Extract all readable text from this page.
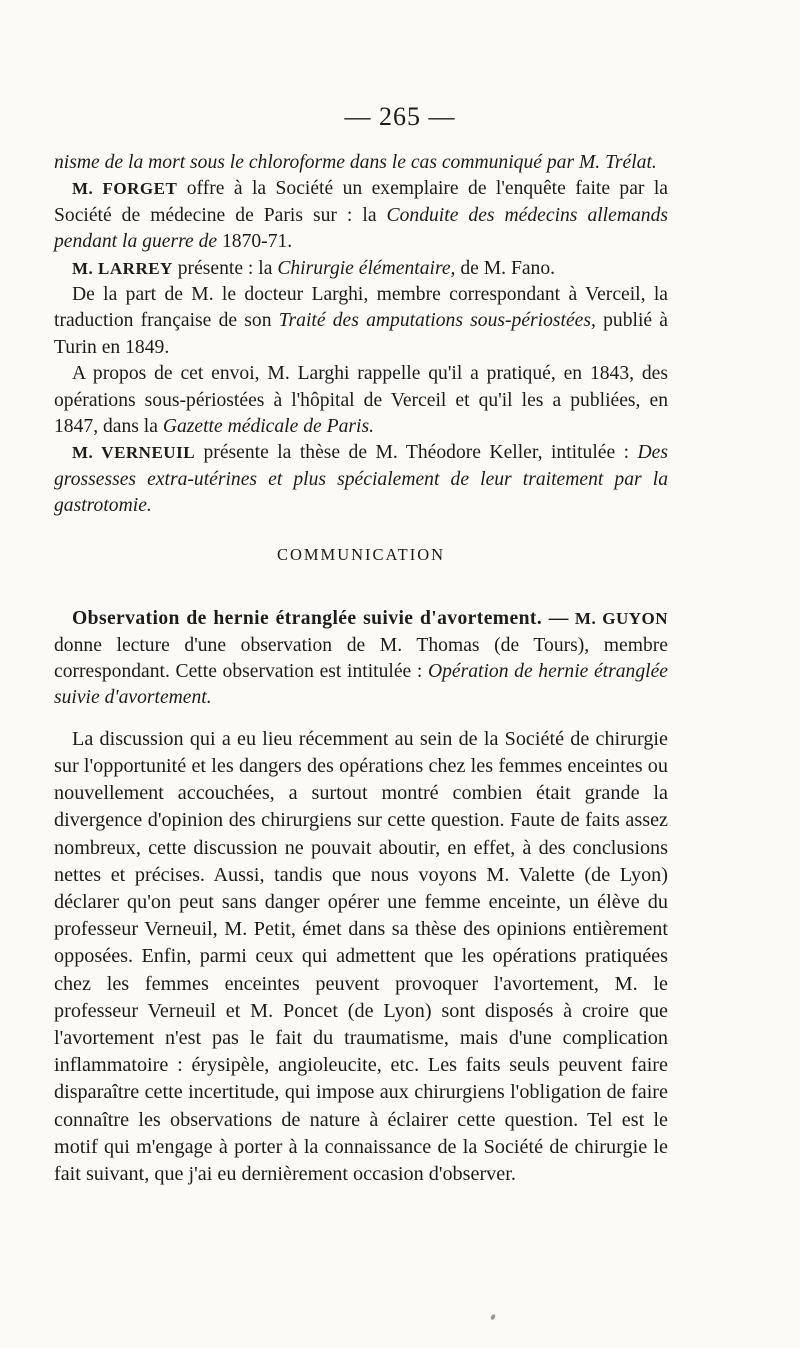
— 265 —

nisme de la mort sous le chloroforme dans le cas communiqué par M. Trélat.

M. FORGET offre à la Société un exemplaire de l'enquête faite par la Société de médecine de Paris sur : la Conduite des médecins allemands pendant la guerre de 1870-71.

M. LARREY présente : la Chirurgie élémentaire, de M. Fano.

De la part de M. le docteur Larghi, membre correspondant à Verceil, la traduction française de son Traité des amputations sous-périostées, publié à Turin en 1849.

A propos de cet envoi, M. Larghi rappelle qu'il a pratiqué, en 1843, des opérations sous-périostées à l'hôpital de Verceil et qu'il les a publiées, en 1847, dans la Gazette médicale de Paris.

M. VERNEUIL présente la thèse de M. Théodore Keller, intitulée : Des grossesses extra-utérines et plus spécialement de leur traitement par la gastrotomie.

COMMUNICATION

Observation de hernie étranglée suivie d'avortement. — M. GUYON donne lecture d'une observation de M. Thomas (de Tours), membre correspondant. Cette observation est intitulée : Opération de hernie étranglée suivie d'avortement.

La discussion qui a eu lieu récemment au sein de la Société de chirurgie sur l'opportunité et les dangers des opérations chez les femmes enceintes ou nouvellement accouchées, a surtout montré combien était grande la divergence d'opinion des chirurgiens sur cette question. Faute de faits assez nombreux, cette discussion ne pouvait aboutir, en effet, à des conclusions nettes et précises. Aussi, tandis que nous voyons M. Valette (de Lyon) déclarer qu'on peut sans danger opérer une femme enceinte, un élève du professeur Verneuil, M. Petit, émet dans sa thèse des opinions entièrement opposées. Enfin, parmi ceux qui admettent que les opérations pratiquées chez les femmes enceintes peuvent provoquer l'avortement, M. le professeur Verneuil et M. Poncet (de Lyon) sont disposés à croire que l'avortement n'est pas le fait du traumatisme, mais d'une complication inflammatoire : érysipèle, angioleucite, etc. Les faits seuls peuvent faire disparaître cette incertitude, qui impose aux chirurgiens l'obligation de faire connaître les observations de nature à éclairer cette question. Tel est le motif qui m'engage à porter à la connaissance de la Société de chirurgie le fait suivant, que j'ai eu dernièrement occasion d'observer.
